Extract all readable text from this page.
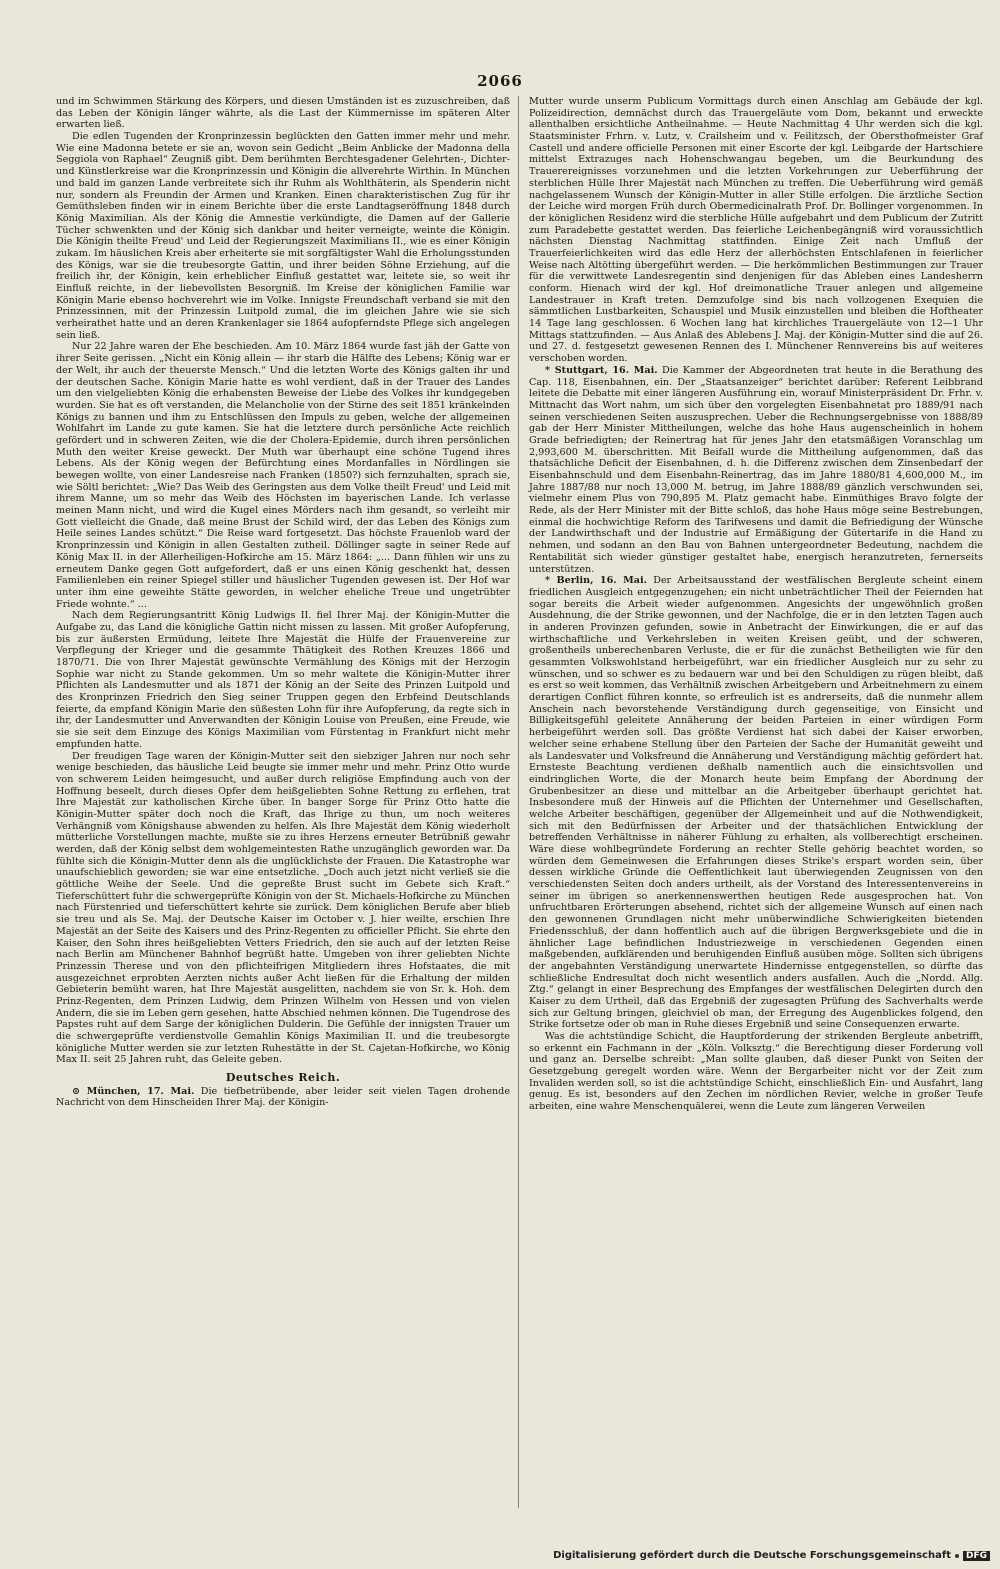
2066

und im Schwimmen Stärkung des Körpers, und diesen Umständen ist es zuzuschreiben, daß das Leben der Königin länger währte, als die Last der Kümmernisse im späteren Alter erwarten ließ.

Die edlen Tugenden der Kronprinzessin beglückten den Gatten immer mehr und mehr. Wie eine Madonna betete er sie an, wovon sein Gedicht „Beim Anblicke der Madonna della Seggiola von Raphael“ Zeugniß gibt. Dem berühmten Berchtesgadener Gelehrten-, Dichter- und Künstlerkreise war die Kronprinzessin und Königin die allverehrte Wirthin. In München und bald im ganzen Lande verbreitete sich ihr Ruhm als Wohlthäterin, als Spenderin nicht nur, sondern als Freundin der Armen und Kranken. Einen charakteristischen Zug für ihr Gemüthsleben finden wir in einem Berichte über die erste Landtagseröffnung 1848 durch König Maximilian. Als der König die Amnestie verkündigte, die Damen auf der Gallerie Tücher schwenkten und der König sich dankbar und heiter verneigte, weinte die Königin. Die Königin theilte Freud' und Leid der Regierungszeit Maximilians II., wie es einer Königin zukam. Im häuslichen Kreis aber erheiterte sie mit sorgfältigster Wahl die Erholungsstunden des Königs, war sie die treubesorgte Gattin, und ihrer beiden Söhne Erziehung, auf die freilich ihr, der Königin, kein erheblicher Einfluß gestattet war, leitete sie, so weit ihr Einfluß reichte, in der liebevollsten Besorgniß. Im Kreise der königlichen Familie war Königin Marie ebenso hochverehrt wie im Volke. Innigste Freundschaft verband sie mit den Prinzessinnen, mit der Prinzessin Luitpold zumal, die im gleichen Jahre wie sie sich verheirathet hatte und an deren Krankenlager sie 1864 aufopferndste Pflege sich angelegen sein ließ.

Nur 22 Jahre waren der Ehe beschieden. Am 10. März 1864 wurde fast jäh der Gatte von ihrer Seite gerissen. „Nicht ein König allein — ihr starb die Hälfte des Lebens; König war er der Welt, ihr auch der theuerste Mensch.“ Und die letzten Worte des Königs galten ihr und der deutschen Sache. Königin Marie hatte es wohl verdient, daß in der Trauer des Landes um den vielgeliebten König die erhabensten Beweise der Liebe des Volkes ihr kundgegeben wurden. Sie hat es oft verstanden, die Melancholie von der Stirne des seit 1851 kränkelnden Königs zu bannen und ihm zu Entschlüssen den Impuls zu geben, welche der allgemeinen Wohlfahrt im Lande zu gute kamen. Sie hat die letztere durch persönliche Acte reichlich gefördert und in schweren Zeiten, wie die der Cholera-Epidemie, durch ihren persönlichen Muth den weiter Kreise geweckt. Der Muth war überhaupt eine schöne Tugend ihres Lebens. Als der König wegen der Befürchtung eines Mordanfalles in Nördlingen sie bewegen wollte, von einer Landesreise nach Franken (1850?) sich fernzuhalten, sprach sie, wie Söltl berichtet: „Wie? Das Weib des Geringsten aus dem Volke theilt Freud' und Leid mit ihrem Manne, um so mehr das Weib des Höchsten im bayerischen Lande. Ich verlasse meinen Mann nicht, und wird die Kugel eines Mörders nach ihm gesandt, so verleiht mir Gott vielleicht die Gnade, daß meine Brust der Schild wird, der das Leben des Königs zum Heile seines Landes schützt.“ Die Reise ward fortgesetzt. Das höchste Frauenlob ward der Kronprinzessin und Königin in allen Gestalten zutheil. Döllinger sagte in seiner Rede auf König Max II. in der Allerheiligen-Hofkirche am 15. März 1864: „... Dann fühlen wir uns zu erneutem Danke gegen Gott aufgefordert, daß er uns einen König geschenkt hat, dessen Familienleben ein reiner Spiegel stiller und häuslicher Tugenden gewesen ist. Der Hof war unter ihm eine geweihte Stätte geworden, in welcher eheliche Treue und ungetrübter Friede wohnte.“ ...

Nach dem Regierungsantritt König Ludwigs II. fiel Ihrer Maj. der Königin-Mutter die Aufgabe zu, das Land die königliche Gattin nicht missen zu lassen. Mit großer Aufopferung, bis zur äußersten Ermüdung, leitete Ihre Majestät die Hülfe der Frauenvereine zur Verpflegung der Krieger und die gesammte Thätigkeit des Rothen Kreuzes 1866 und 1870/71. Die von Ihrer Majestät gewünschte Vermählung des Königs mit der Herzogin Sophie war nicht zu Stande gekommen. Um so mehr waltete die Königin-Mutter ihrer Pflichten als Landesmutter und als 1871 der König an der Seite des Prinzen Luitpold und des Kronprinzen Friedrich den Sieg seiner Truppen gegen den Erbfeind Deutschlands feierte, da empfand Königin Marie den süßesten Lohn für ihre Aufopferung, da regte sich in ihr, der Landesmutter und Anverwandten der Königin Louise von Preußen, eine Freude, wie sie sie seit dem Einzuge des Königs Maximilian vom Fürstentag in Frankfurt nicht mehr empfunden hatte.

Der freudigen Tage waren der Königin-Mutter seit den siebziger Jahren nur noch sehr wenige beschieden, das häusliche Leid beugte sie immer mehr und mehr. Prinz Otto wurde von schwerem Leiden heimgesucht, und außer durch religiöse Empfindung auch von der Hoffnung beseelt, durch dieses Opfer dem heißgeliebten Sohne Rettung zu erflehen, trat Ihre Majestät zur katholischen Kirche über. In banger Sorge für Prinz Otto hatte die Königin-Mutter später doch noch die Kraft, das Ihrige zu thun, um noch weiteres Verhängniß vom Königshause abwenden zu helfen. Als Ihre Majestät dem König wiederholt mütterliche Vorstellungen machte, mußte sie zu ihres Herzens erneuter Betrübniß gewahr werden, daß der König selbst dem wohlgemeintesten Rathe unzugänglich geworden war. Da fühlte sich die Königin-Mutter denn als die unglücklichste der Frauen. Die Katastrophe war unaufschieblich geworden; sie war eine entsetzliche. „Doch auch jetzt nicht verließ sie die göttliche Weihe der Seele. Und die gepreßte Brust sucht im Gebete sich Kraft.“ Tieferschüttert fuhr die schwergeprüfte Königin von der St. Michaels-Hofkirche zu München nach Fürstenried und tieferschüttert kehrte sie zurück. Dem königlichen Berufe aber blieb sie treu und als Se. Maj. der Deutsche Kaiser im October v. J. hier weilte, erschien Ihre Majestät an der Seite des Kaisers und des Prinz-Regenten zu officieller Pflicht. Sie ehrte den Kaiser, den Sohn ihres heißgeliebten Vetters Friedrich, den sie auch auf der letzten Reise nach Berlin am Münchener Bahnhof begrüßt hatte. Umgeben von ihrer geliebten Nichte Prinzessin Therese und von den pflichteifrigen Mitgliedern ihres Hofstaates, die mit ausgezeichnet erprobten Aerzten nichts außer Acht ließen für die Erhaltung der milden Gebieterin bemüht waren, hat Ihre Majestät ausgelitten, nachdem sie von Sr. k. Hoh. dem Prinz-Regenten, dem Prinzen Ludwig, dem Prinzen Wilhelm von Hessen und von vielen Andern, die sie im Leben gern gesehen, hatte Abschied nehmen können. Die Tugendrose des Papstes ruht auf dem Sarge der königlichen Dulderin. Die Gefühle der innigsten Trauer um die schwergeprüfte verdienstvolle Gemahlin Königs Maximilian II. und die treubesorgte königliche Mutter werden sie zur letzten Ruhestätte in der St. Cajetan-Hofkirche, wo König Max II. seit 25 Jahren ruht, das Geleite geben.

Deutsches Reich.

⊙ München, 17. Mai. Die tiefbetrübende, aber leider seit vielen Tagen drohende Nachricht von dem Hinscheiden Ihrer Maj. der Königin-

Mutter wurde unserm Publicum Vormittags durch einen Anschlag am Gebäude der kgl. Polizeidirection, demnächst durch das Trauergeläute vom Dom, bekannt und erweckte allenthalben ersichtliche Antheilnahme. — Heute Nachmittag 4 Uhr werden sich die kgl. Staatsminister Frhrn. v. Lutz, v. Crailsheim und v. Feilitzsch, der Obersthofmeister Graf Castell und andere officielle Personen mit einer Escorte der kgl. Leibgarde der Hartschiere mittelst Extrazuges nach Hohenschwangau begeben, um die Beurkundung des Trauerereignisses vorzunehmen und die letzten Vorkehrungen zur Ueberführung der sterblichen Hülle Ihrer Majestät nach München zu treffen. Die Ueberführung wird gemäß nachgelassenem Wunsch der Königin-Mutter in aller Stille erfolgen. Die ärztliche Section der Leiche wird morgen Früh durch Obermedicinalrath Prof. Dr. Bollinger vorgenommen. In der königlichen Residenz wird die sterbliche Hülle aufgebahrt und dem Publicum der Zutritt zum Paradebette gestattet werden. Das feierliche Leichenbegängniß wird voraussichtlich nächsten Dienstag Nachmittag stattfinden. Einige Zeit nach Umfluß der Trauerfeierlichkeiten wird das edle Herz der allerhöchsten Entschlafenen in feierlicher Weise nach Altötting übergeführt werden. — Die herkömmlichen Bestimmungen zur Trauer für die verwittwete Landesregentin sind denjenigen für das Ableben eines Landesherrn conform. Hienach wird der kgl. Hof dreimonatliche Trauer anlegen und allgemeine Landestrauer in Kraft treten. Demzufolge sind bis nach vollzogenen Exequien die sämmtlichen Lustbarkeiten, Schauspiel und Musik einzustellen und bleiben die Hoftheater 14 Tage lang geschlossen. 6 Wochen lang hat kirchliches Trauergeläute von 12—1 Uhr Mittags stattzufinden. — Aus Anlaß des Ablebens J. Maj. der Königin-Mutter sind die auf 26. und 27. d. festgesetzt gewesenen Rennen des I. Münchener Rennvereins bis auf weiteres verschoben worden.

* Stuttgart, 16. Mai. Die Kammer der Abgeordneten trat heute in die Berathung des Cap. 118, Eisenbahnen, ein. Der „Staatsanzeiger“ berichtet darüber: Referent Leibbrand leitete die Debatte mit einer längeren Ausführung ein, worauf Ministerpräsident Dr. Frhr. v. Mittnacht das Wort nahm, um sich über den vorgelegten Eisenbahnetat pro 1889/91 nach seinen verschiedenen Seiten auszusprechen. Ueber die Rechnungsergebnisse von 1888/89 gab der Herr Minister Mittheilungen, welche das hohe Haus augenscheinlich in hohem Grade befriedigten; der Reinertrag hat für jenes Jahr den etatsmäßigen Voranschlag um 2,993,600 M. überschritten. Mit Beifall wurde die Mittheilung aufgenommen, daß das thatsächliche Deficit der Eisenbahnen, d. h. die Differenz zwischen dem Zinsenbedarf der Eisenbahnschuld und dem Eisenbahn-Reinertrag, das im Jahre 1880/81 4,600,000 M., im Jahre 1887/88 nur noch 13,000 M. betrug, im Jahre 1888/89 gänzlich verschwunden sei, vielmehr einem Plus von 790,895 M. Platz gemacht habe. Einmüthiges Bravo folgte der Rede, als der Herr Minister mit der Bitte schloß, das hohe Haus möge seine Bestrebungen, einmal die hochwichtige Reform des Tarifwesens und damit die Befriedigung der Wünsche der Landwirthschaft und der Industrie auf Ermäßigung der Gütertarife in die Hand zu nehmen, und sodann an den Bau von Bahnen untergeordneter Bedeutung, nachdem die Rentabilität sich wieder günstiger gestaltet habe, energisch heranzutreten, fernerseits unterstützen.

* Berlin, 16. Mai. Der Arbeitsausstand der westfälischen Bergleute scheint einem friedlichen Ausgleich entgegenzugehen; ein nicht unbeträchtlicher Theil der Feiernden hat sogar bereits die Arbeit wieder aufgenommen. Angesichts der ungewöhnlich großen Ausdehnung, die der Strike gewonnen, und der Nachfolge, die er in den letzten Tagen auch in anderen Provinzen gefunden, sowie in Anbetracht der Einwirkungen, die er auf das wirthschaftliche und Verkehrsleben in weiten Kreisen geübt, und der schweren, großentheils unberechenbaren Verluste, die er für die zunächst Betheiligten wie für den gesammten Volkswohlstand herbeigeführt, war ein friedlicher Ausgleich nur zu sehr zu wünschen, und so schwer es zu bedauern war und bei den Schuldigen zu rügen bleibt, daß es erst so weit kommen, das Verhältniß zwischen Arbeitgebern und Arbeitnehmern zu einem derartigen Conflict führen konnte, so erfreulich ist es andrerseits, daß die nunmehr allem Anschein nach bevorstehende Verständigung durch gegenseitige, von Einsicht und Billigkeitsgefühl geleitete Annäherung der beiden Parteien in einer würdigen Form herbeigeführt werden soll. Das größte Verdienst hat sich dabei der Kaiser erworben, welcher seine erhabene Stellung über den Parteien der Sache der Humanität geweiht und als Landesvater und Volksfreund die Annäherung und Verständigung mächtig gefördert hat. Ernsteste Beachtung verdienen deßhalb namentlich auch die einsichtsvollen und eindringlichen Worte, die der Monarch heute beim Empfang der Abordnung der Grubenbesitzer an diese und mittelbar an die Arbeitgeber überhaupt gerichtet hat. Insbesondere muß der Hinweis auf die Pflichten der Unternehmer und Gesellschaften, welche Arbeiter beschäftigen, gegenüber der Allgemeinheit und auf die Nothwendigkeit, sich mit den Bedürfnissen der Arbeiter und der thatsächlichen Entwicklung der betreffenden Verhältnisse in näherer Fühlung zu erhalten, als vollberechtigt erscheinen. Wäre diese wohlbegründete Forderung an rechter Stelle gehörig beachtet worden, so würden dem Gemeinwesen die Erfahrungen dieses Strike's erspart worden sein, über dessen wirkliche Gründe die Oeffentlichkeit laut überwiegenden Zeugnissen von den verschiedensten Seiten doch anders urtheilt, als der Vorstand des Interessentenvereins in seiner im übrigen so anerkennenswerthen heutigen Rede ausgesprochen hat. Von unfruchtbaren Erörterungen absehend, richtet sich der allgemeine Wunsch auf einen nach den gewonnenen Grundlagen nicht mehr unüberwindliche Schwierigkeiten bietenden Friedensschluß, der dann hoffentlich auch auf die übrigen Bergwerksgebiete und die in ähnlicher Lage befindlichen Industriezweige in verschiedenen Gegenden einen maßgebenden, aufklärenden und beruhigenden Einfluß ausüben möge. Sollten sich übrigens der angebahnten Verständigung unerwartete Hindernisse entgegenstellen, so dürfte das schließliche Endresultat doch nicht wesentlich anders ausfallen. Auch die „Nordd. Allg. Ztg.“ gelangt in einer Besprechung des Empfanges der westfälischen Delegirten durch den Kaiser zu dem Urtheil, daß das Ergebniß der zugesagten Prüfung des Sachverhalts werde sich zur Geltung bringen, gleichviel ob man, der Erregung des Augenblickes folgend, den Strike fortsetze oder ob man in Ruhe dieses Ergebniß und seine Consequenzen erwarte.

Was die achtstündige Schicht, die Hauptforderung der strikenden Bergleute anbetrifft, so erkennt ein Fachmann in der „Köln. Volksztg.“ die Berechtigung dieser Forderung voll und ganz an. Derselbe schreibt: „Man sollte glauben, daß dieser Punkt von Seiten der Gesetzgebung geregelt worden wäre. Wenn der Bergarbeiter nicht vor der Zeit zum Invaliden werden soll, so ist die achtstündige Schicht, einschließlich Ein- und Ausfahrt, lang genug. Es ist, besonders auf den Zechen im nördlichen Revier, welche in großer Teufe arbeiten, eine wahre Menschenquälerei, wenn die Leute zum längeren Verweilen

Digitalisierung gefördert durch die Deutsche Forschungsgemeinschaft	DFG
